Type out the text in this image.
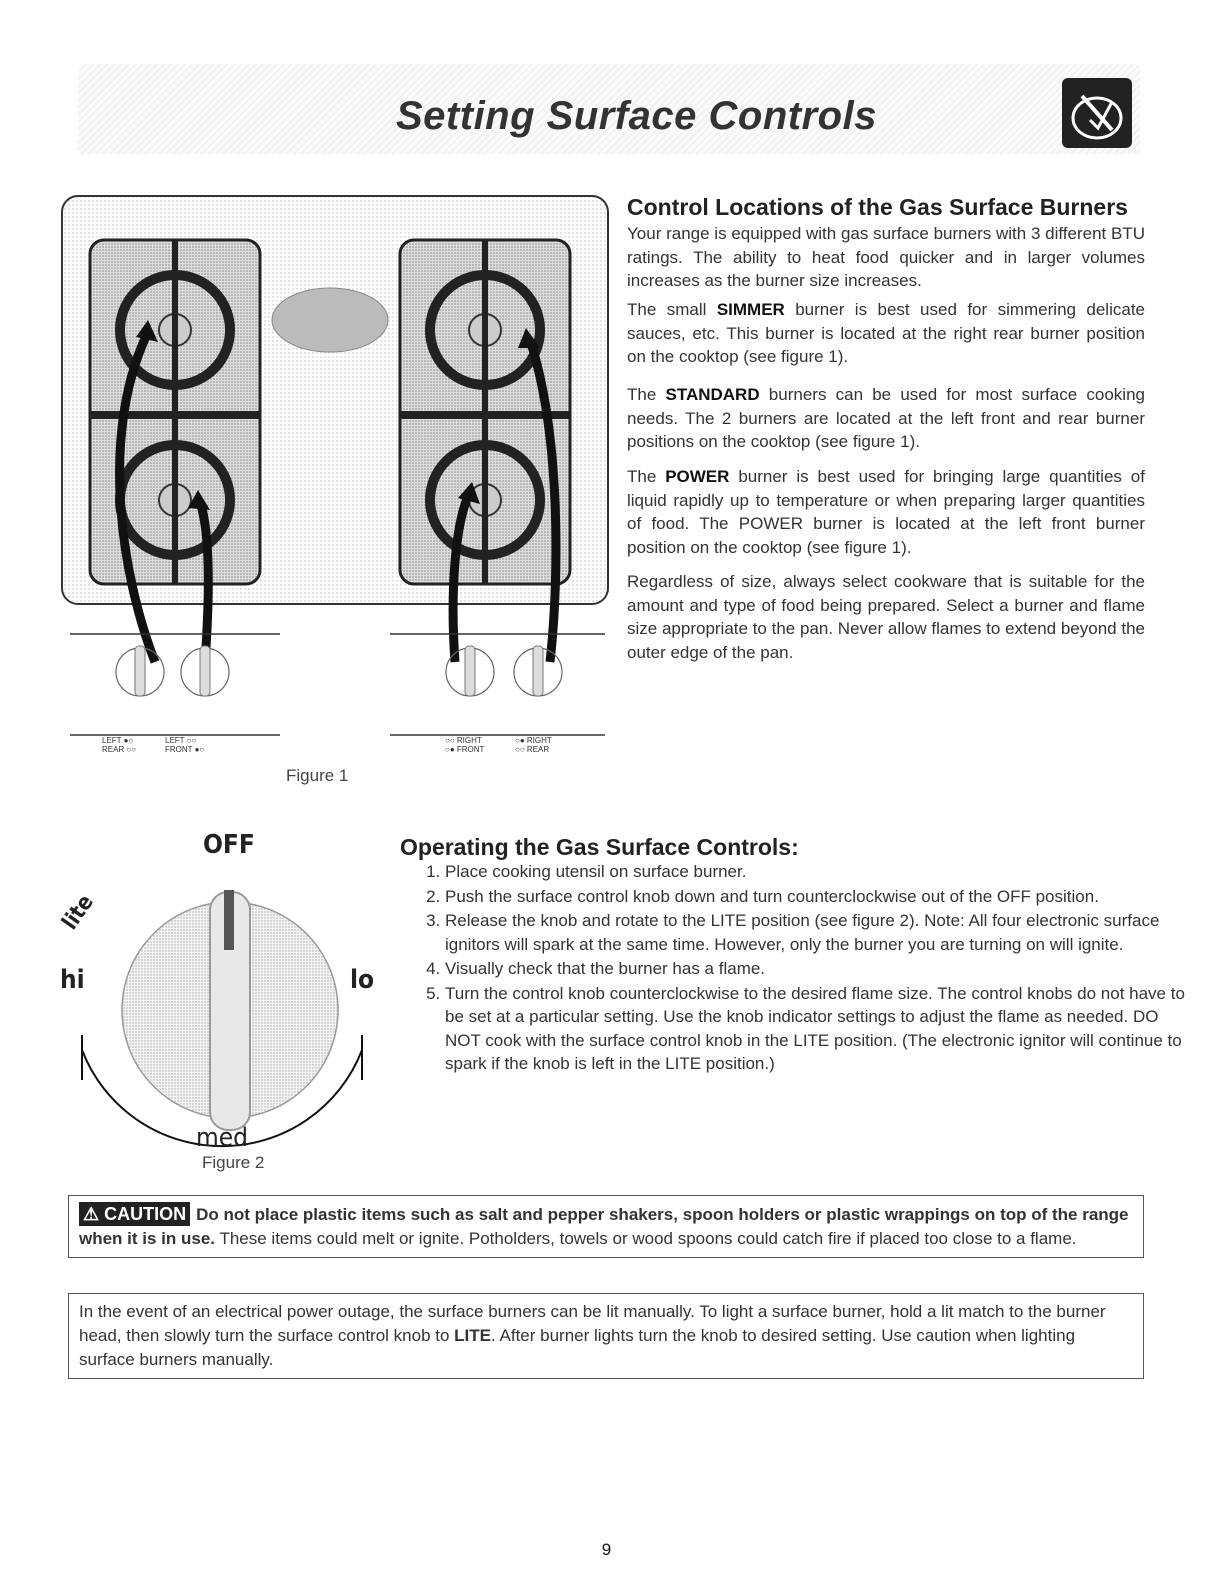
Setting Surface Controls
LEFT ●○
REAR ○○
LEFT ○○
FRONT ●○
○○ RIGHT
○● FRONT
○● RIGHT
○○ REAR
Figure 1
Control Locations of the Gas Surface Burners

Your range is equipped with gas surface burners with 3 different BTU ratings. The ability to heat food quicker and in larger volumes increases as the burner size increases.

The small SIMMER burner is best used for simmering delicate sauces, etc. This burner is located at the right rear burner position on the cooktop (see figure 1).

The STANDARD burners can be used for most surface cooking needs. The 2 burners are located at the left front and rear burner positions on the cooktop (see figure 1).

The POWER burner is best used for bringing large quantities of liquid rapidly up to temperature or when preparing larger quantities of food. The POWER burner is located at the left front burner position on the cooktop (see figure 1).

Regardless of size, always select cookware that is suitable for the amount and type of food being prepared. Select a burner and flame size appropriate to the pan. Never allow flames to extend beyond the outer edge of the pan.

OFF
lite
hi	lo
med
Figure 2
Operating the Gas Surface Controls:
1. Place cooking utensil on surface burner.
2. Push the surface control knob down and turn counterclockwise out of the OFF position.
3. Release the knob and rotate to the LITE position (see figure 2). Note: All four electronic surface ignitors will spark at the same time. However, only the burner you are turning on will ignite.
4. Visually check that the burner has a flame.
5. Turn the control knob counterclockwise to the desired flame size. The control knobs do not have to be set at a particular setting. Use the knob indicator settings to adjust the flame as needed. DO NOT cook with the surface control knob in the LITE position. (The electronic ignitor will continue to spark if the knob is left in the LITE position.)

⚠ CAUTION Do not place plastic items such as salt and pepper shakers, spoon holders or plastic wrappings on top of the range when it is in use. These items could melt or ignite. Potholders, towels or wood spoons could catch fire if placed too close to a flame.

In the event of an electrical power outage, the surface burners can be lit manually. To light a surface burner, hold a lit match to the burner head, then slowly turn the surface control knob to LITE. After burner lights turn the knob to desired setting. Use caution when lighting surface burners manually.

9
